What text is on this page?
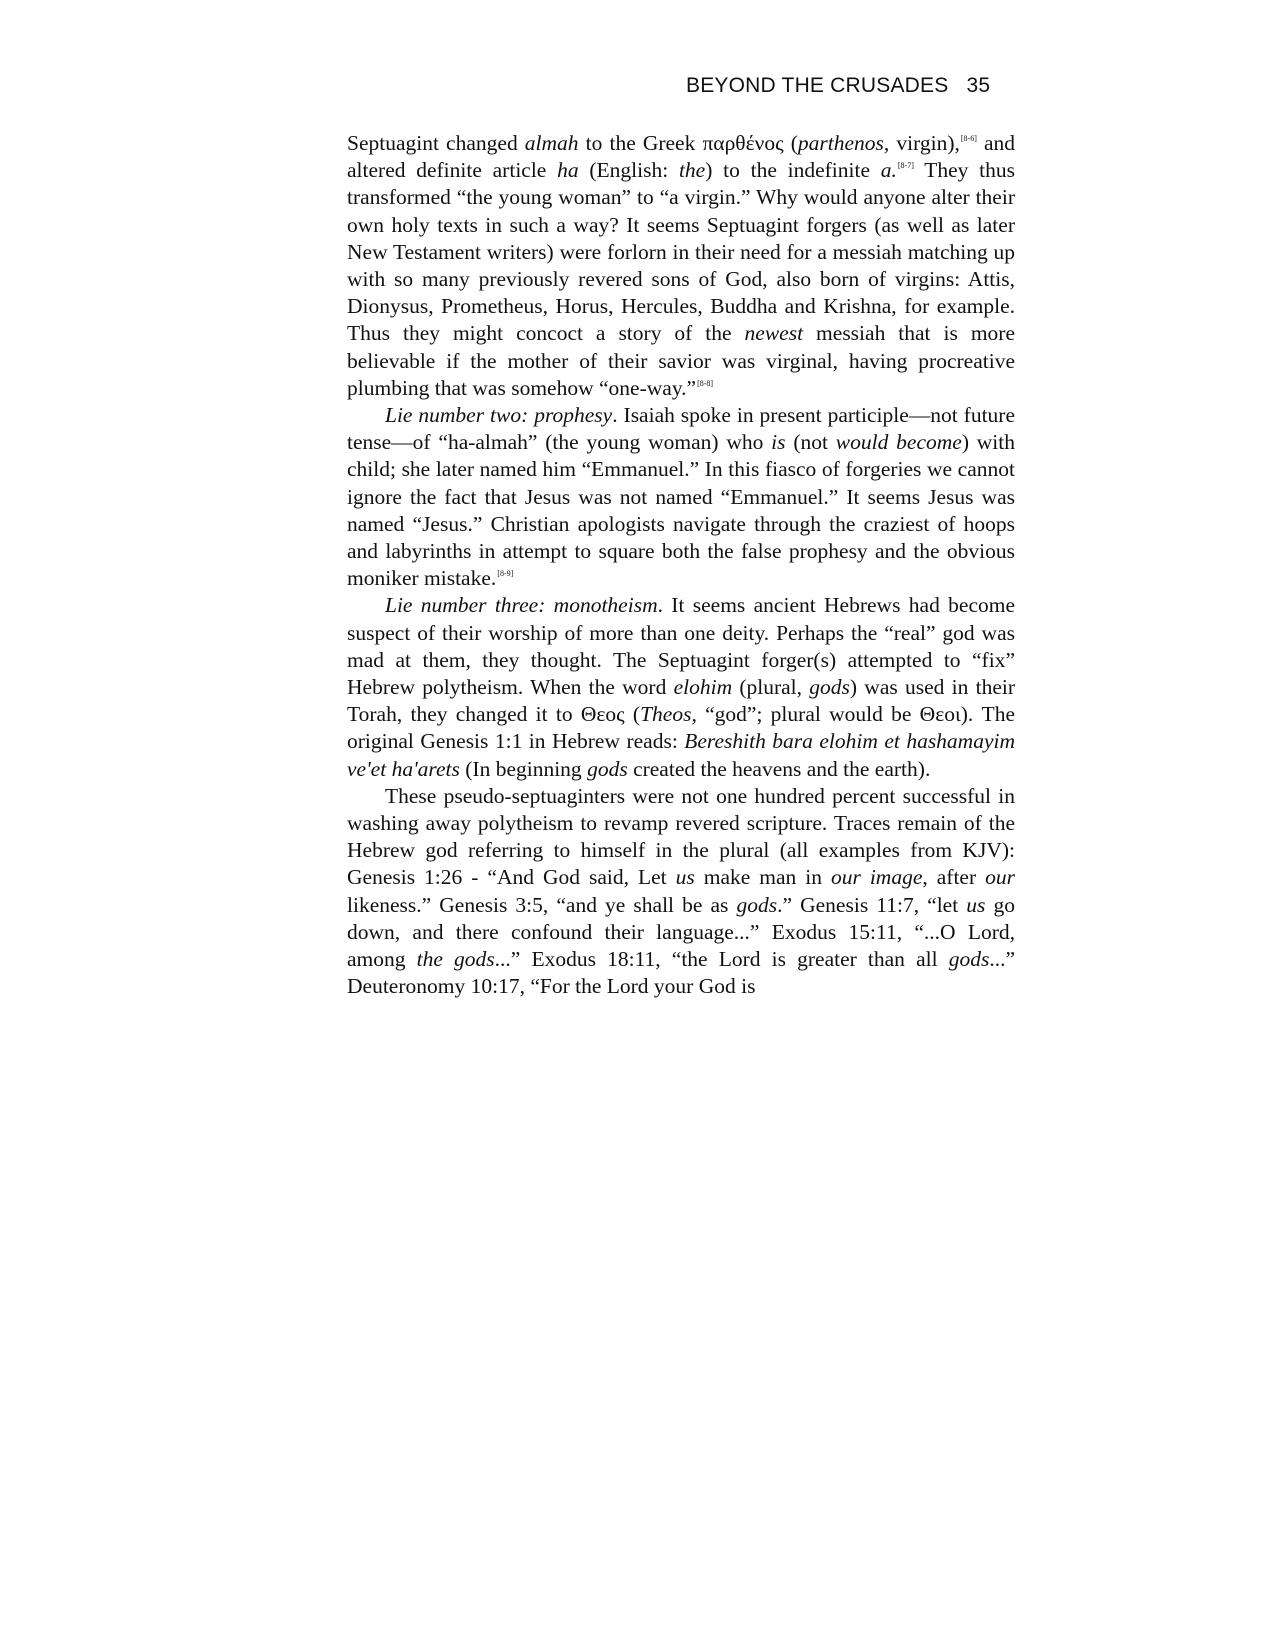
BEYOND THE CRUSADES 35

Septuagint changed almah to the Greek παρθένος (parthenos, virgin),[8-6] and altered definite article ha (English: the) to the indefinite a.[8-7] They thus transformed “the young woman” to “a virgin.” Why would anyone alter their own holy texts in such a way? It seems Septuagint forgers (as well as later New Testament writers) were forlorn in their need for a messiah matching up with so many previously revered sons of God, also born of virgins: Attis, Dionysus, Prometheus, Horus, Hercules, Buddha and Krishna, for example. Thus they might concoct a story of the newest messiah that is more believable if the mother of their savior was virginal, having procreative plumbing that was somehow “one-way.”[8-8]

Lie number two: prophesy. Isaiah spoke in present participle—not future tense—of “ha-almah” (the young woman) who is (not would become) with child; she later named him “Emmanuel.” In this fiasco of forgeries we cannot ignore the fact that Jesus was not named “Emmanuel.” It seems Jesus was named “Jesus.” Christian apologists navigate through the craziest of hoops and labyrinths in attempt to square both the false prophesy and the obvious moniker mistake.[8-9]

Lie number three: monotheism. It seems ancient Hebrews had become suspect of their worship of more than one deity. Perhaps the “real” god was mad at them, they thought. The Septuagint forger(s) attempted to “fix” Hebrew polytheism. When the word elohim (plural, gods) was used in their Torah, they changed it to Θεος (Theos, “god”; plural would be Θεοι). The original Genesis 1:1 in Hebrew reads: Bereshith bara elohim et hashamayim ve'et ha'arets (In beginning gods created the heavens and the earth).

These pseudo-septuaginters were not one hundred percent successful in washing away polytheism to revamp revered scripture. Traces remain of the Hebrew god referring to himself in the plural (all examples from KJV): Genesis 1:26 - “And God said, Let us make man in our image, after our likeness.” Genesis 3:5, “and ye shall be as gods.” Genesis 11:7, “let us go down, and there confound their language...” Exodus 15:11, “...O Lord, among the gods...” Exodus 18:11, “the Lord is greater than all gods...” Deuteronomy 10:17, “For the Lord your God is
